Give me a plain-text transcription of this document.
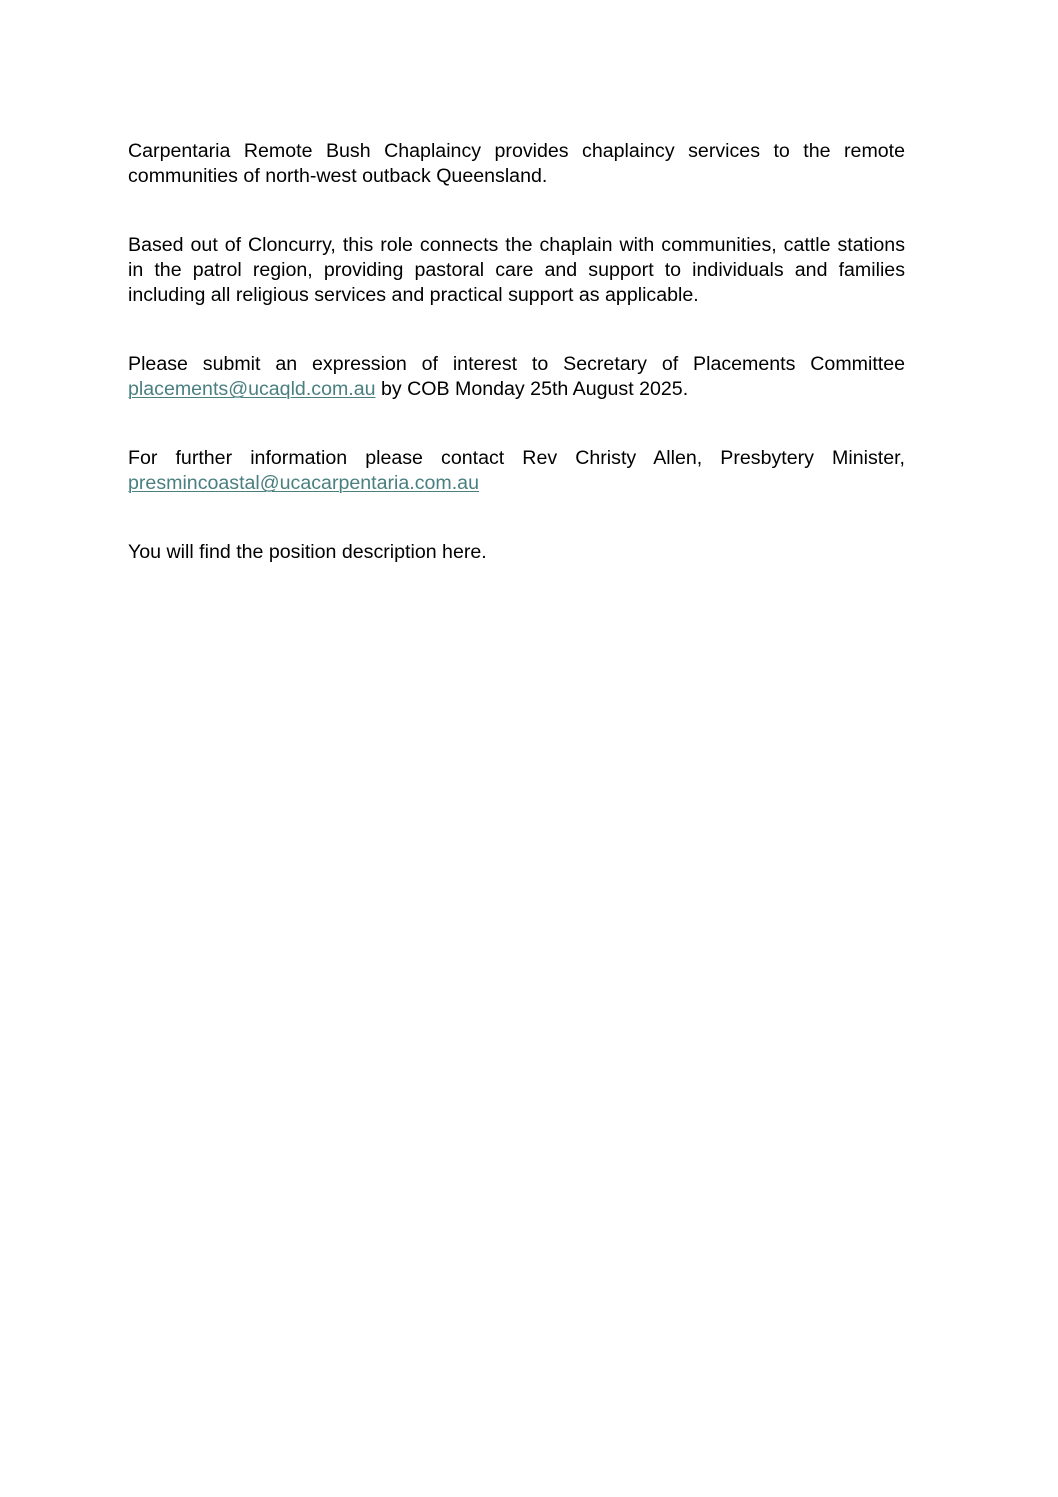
Carpentaria Remote Bush Chaplaincy provides chaplaincy services to the remote communities of north-west outback Queensland.

Based out of Cloncurry, this role connects the chaplain with communities, cattle stations in the patrol region, providing pastoral care and support to individuals and families including all religious services and practical support as applicable.

Please submit an expression of interest to Secretary of Placements Committee placements@ucaqld.com.au by COB Monday 25th August 2025.

For further information please contact Rev Christy Allen, Presbytery Minister, presmincoastal@ucacarpentaria.com.au

You will find the position description here.
